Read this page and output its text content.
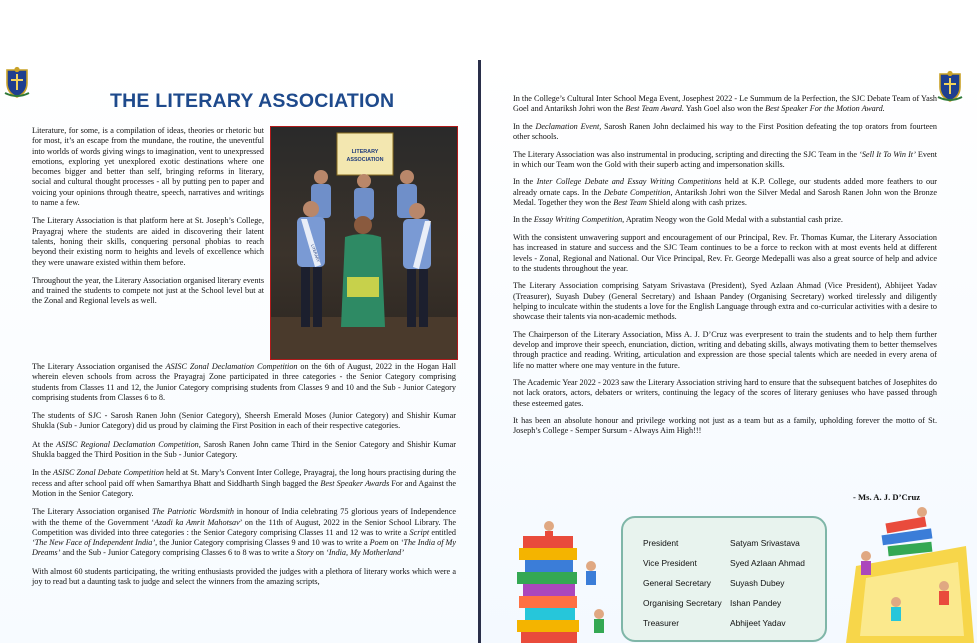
THE LITERARY ASSOCIATION

Literature, for some, is a compilation of ideas, theories or rhetoric but for most, it’s an escape from the mundane, the routine, the uneventful into worlds of words giving wings to imagination, vent to unexpressed emotions, exploring yet unexplored exotic destinations where one becomes bigger and better than self, bringing reforms in literary, social and cultural thought processes - all by putting pen to paper and voicing your opinions through theatre, speech, narratives and writings to name a few.

The Literary Association is that platform here at St. Joseph’s College, Prayagraj where the students are aided in discovering their latent talents, honing their skills, conquering personal phobias to reach beyond their existing norm to heights and levels of excellence which they were unaware existed within them before.

Throughout the year, the Literary Association organised literary events and trained the students to compete not just at the School level but at the Zonal and Regional levels as well.

LITERARY
ASSOCIATION
LITERARY

The Literary Association organised the ASISC Zonal Declamation Competition on the 6th of August, 2022 in the Hogan Hall wherein eleven schools from across the Prayagraj Zone participated in three categories - the Senior Category comprising students from Classes 11 and 12, the Junior Category comprising students from Classes 9 and 10 and the Sub - Junior Category comprising students from Classes 6 to 8.

The students of SJC - Sarosh Ranen John (Senior Category), Sheersh Emerald Moses (Junior Category) and Shishir Kumar Shukla (Sub - Junior Category) did us proud by claiming the First Position in each of their respective categories.

At the ASISC Regional Declamation Competition, Sarosh Ranen John came Third in the Senior Category and Shishir Kumar Shukla bagged the Third Position in the Sub - Junior Category.

In the ASISC Zonal Debate Competition held at St. Mary’s Convent Inter College, Prayagraj, the long hours practising during the recess and after school paid off when Samarthya Bhatt and Siddharth Singh bagged the Best Speaker Awards For and Against the Motion in the Senior Category.

The Literary Association organised The Patriotic Wordsmith in honour of India celebrating 75 glorious years of Independence with the theme of the Government ‘Azadi ka Amrit Mahotsav’ on the 11th of August, 2022 in the Senior School Library. The Competition was divided into three categories : the Senior Category comprising Classes 11 and 12 was to write a Script entitled ‘The New Face of Independent India’, the Junior Category comprising Classes 9 and 10 was to write a Poem on ‘The India of My Dreams’ and the Sub - Junior Category comprising Classes 6 to 8 was to write a Story on ‘India, My Motherland’

With almost 60 students participating, the writing enthusiasts provided the judges with a plethora of literary works which were a joy to read but a daunting task to judge and select the winners from the amazing scripts,

In the College’s Cultural Inter School Mega Event, Josephest 2022 - Le Summum de la Perfection, the SJC Debate Team of Yash Goel and Antariksh Johri won the Best Team Award. Yash Goel also won the Best Speaker For the Motion Award.

In the Declamation Event, Sarosh Ranen John declaimed his way to the First Position defeating the top orators from fourteen other schools.

The Literary Association was also instrumental in producing, scripting and directing the SJC Team in the ‘Sell It To Win It’ Event in which our Team won the Gold with their superb acting and impersonation skills.

In the Inter College Debate and Essay Writing Competitions held at K.P. College, our students added more feathers to our already ornate caps. In the Debate Competition, Antariksh Johri won the Silver Medal and Sarosh Ranen John won the Bronze Medal. Together they won the Best Team Shield along with cash prizes.

In the Essay Writing Competition, Apratim Neogy won the Gold Medal with a substantial cash prize.

With the consistent unwavering support and encouragement of our Principal, Rev. Fr. Thomas Kumar, the Literary Association has increased in stature and success and the SJC Team continues to be a force to reckon with at most events held at different levels - Zonal, Regional and National. Our Vice Principal, Rev. Fr. George Medepalli was also a great source of help and advice to the students throughout the year.

The Literary Association comprising Satyam Srivastava (President), Syed Azlaan Ahmad (Vice President), Abhijeet Yadav (Treasurer), Suyash Dubey (General Secretary) and Ishaan Pandey (Organising Secretary) worked tirelessly and diligently helping to inculcate within the students a love for the English Language through extra and co-curricular activities with a desire to showcase their talents via non-academic methods.

The Chairperson of the Literary Association, Miss A. J. D’Cruz was everpresent to train the students and to help them further develop and improve their speech, enunciation, diction, writing and debating skills, always motivating them to better themselves through practice and reading. Writing, articulation and expression are those special talents which are needed in every arena of life no matter where one may venture in the future.

The Academic Year 2022 - 2023 saw the Literary Association striving hard to ensure that the subsequent batches of Josephites do not lack orators, actors, debaters or writers, continuing the legacy of the scores of literary geniuses who have passed through these esteemed gates.

It has been an absolute honour and privilege working not just as a team but as a family, upholding forever the motto of St. Joseph’s College - Semper Sursum - Always Aim High!!!

- Ms. A. J. D’Cruz
President	Satyam Srivastava
Vice President	Syed Azlaan Ahmad
General Secretary Suyash Dubey
Organising Secretary Ishan Pandey
Treasurer	Abhijeet Yadav
